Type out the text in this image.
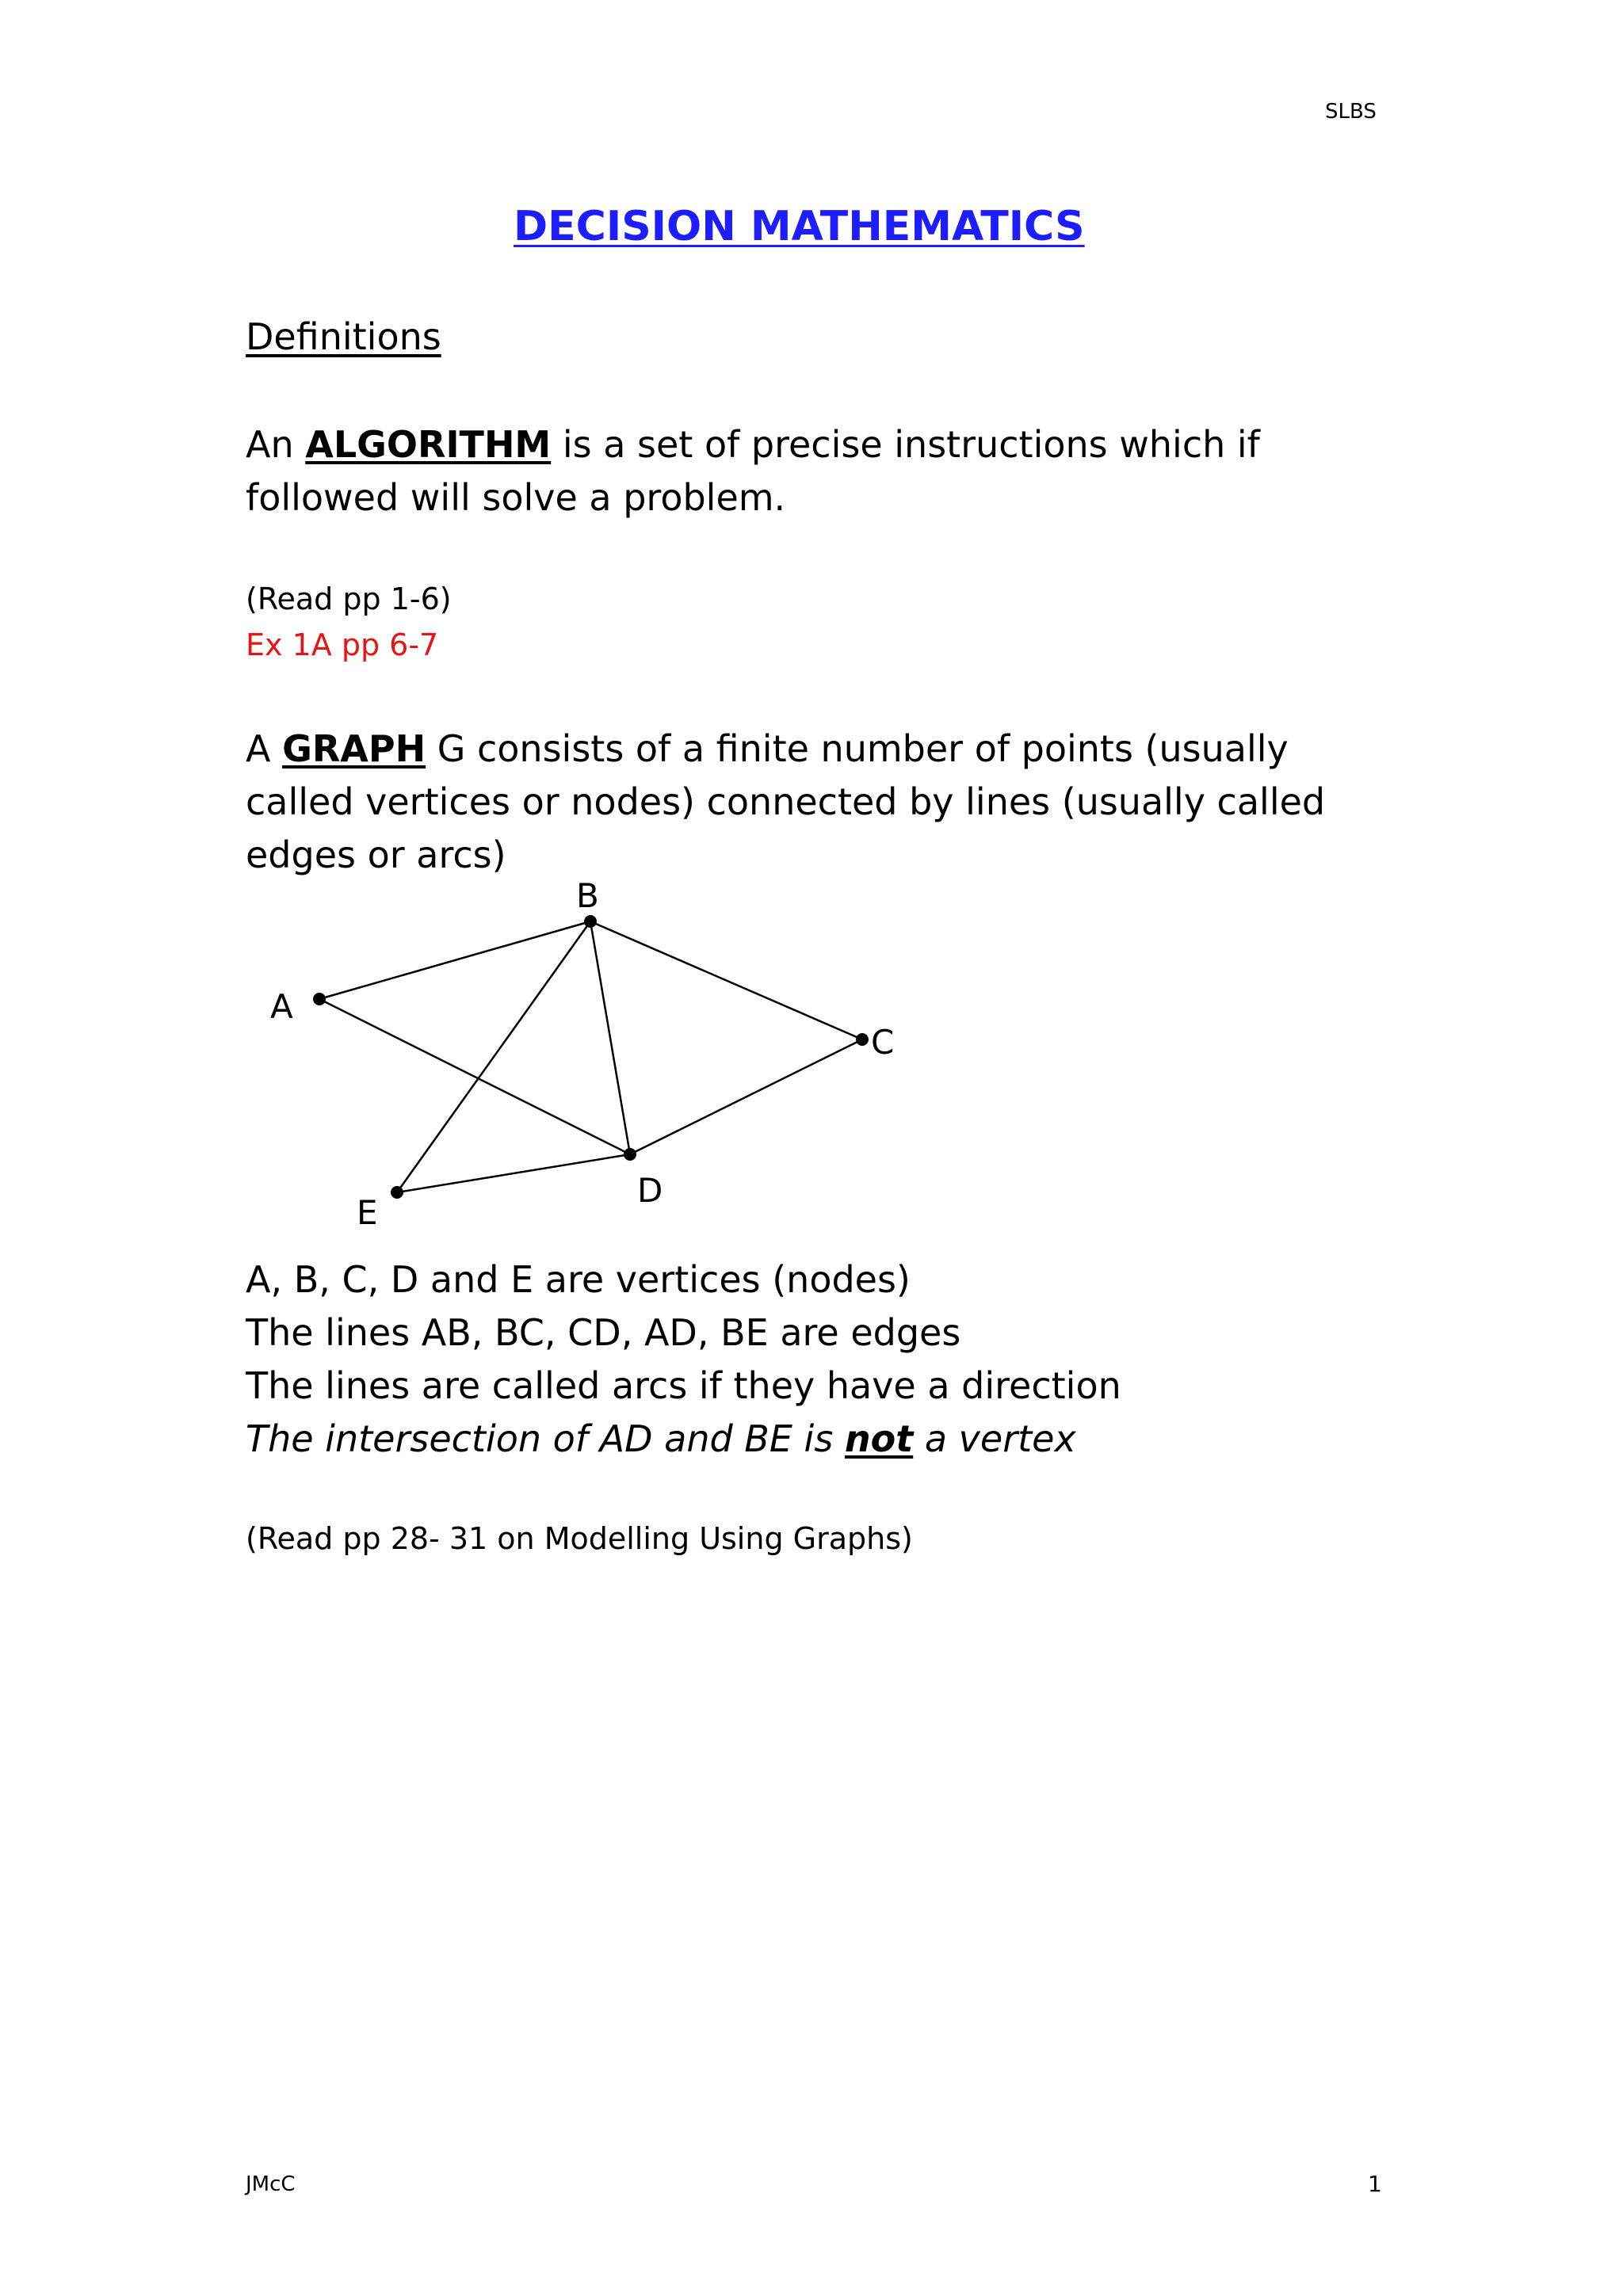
SLBS
DECISION MATHEMATICS
Definitions
An ALGORITHM is a set of precise instructions which if followed will solve a problem.
(Read pp 1-6)
Ex 1A pp 6-7
A GRAPH G consists of a finite number of points (usually called vertices or nodes) connected by lines (usually called edges or arcs)
A
B
C
D
E
A, B, C, D and E are vertices (nodes)
The lines AB, BC, CD, AD, BE are edges
The lines are called arcs if they have a direction
The intersection of AD and BE is not a vertex
(Read pp 28- 31 on Modelling Using Graphs)
JMcC	1
